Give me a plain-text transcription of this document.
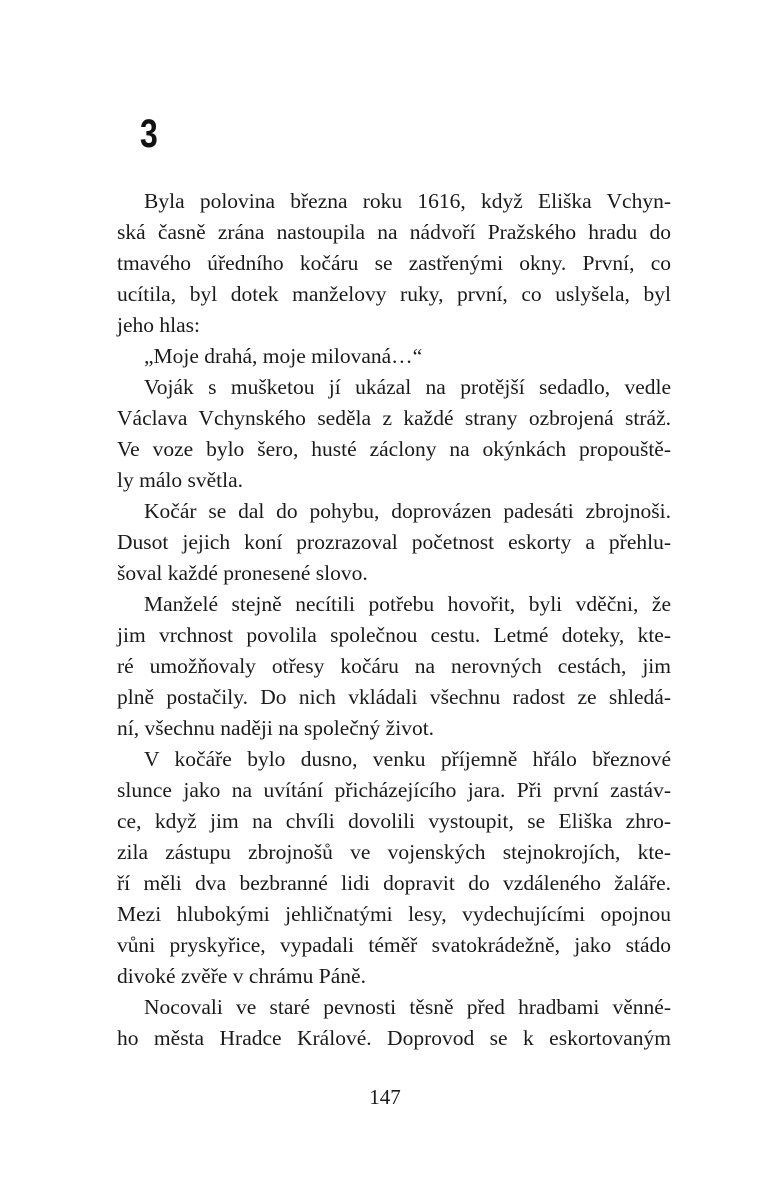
3
Byla polovina března roku 1616, když Eliška Vchyn-
ská časně zrána nastoupila na nádvoří Pražského hradu do
tmavého úředního kočáru se zastřenými okny. První, co
ucítila, byl dotek manželovy ruky, první, co uslyšela, byl
jeho hlas:
„Moje drahá, moje milovaná…“
Voják s mušketou jí ukázal na protější sedadlo, vedle
Václava Vchynského seděla z každé strany ozbrojená stráž.
Ve voze bylo šero, husté záclony na okýnkách propouště-
ly málo světla.
Kočár se dal do pohybu, doprovázen padesáti zbrojnoši.
Dusot jejich koní prozrazoval početnost eskorty a přehlu-
šoval každé pronesené slovo.
Manželé stejně necítili potřebu hovořit, byli vděčni, že
jim vrchnost povolila společnou cestu. Letmé doteky, kte-
ré umožňovaly otřesy kočáru na nerovných cestách, jim
plně postačily. Do nich vkládali všechnu radost ze shledá-
ní, všechnu naději na společný život.
V kočáře bylo dusno, venku příjemně hřálo březnové
slunce jako na uvítání přicházejícího jara. Při první zastáv-
ce, když jim na chvíli dovolili vystoupit, se Eliška zhro-
zila zástupu zbrojnošů ve vojenských stejnokrojích, kte-
ří měli dva bezbranné lidi dopravit do vzdáleného žaláře.
Mezi hlubokými jehličnatými lesy, vydechujícími opojnou
vůni pryskyřice, vypadali téměř svatokrádežně, jako stádo
divoké zvěře v chrámu Páně.
Nocovali ve staré pevnosti těsně před hradbami věnné-
ho města Hradce Králové. Doprovod se k eskortovaným
147
